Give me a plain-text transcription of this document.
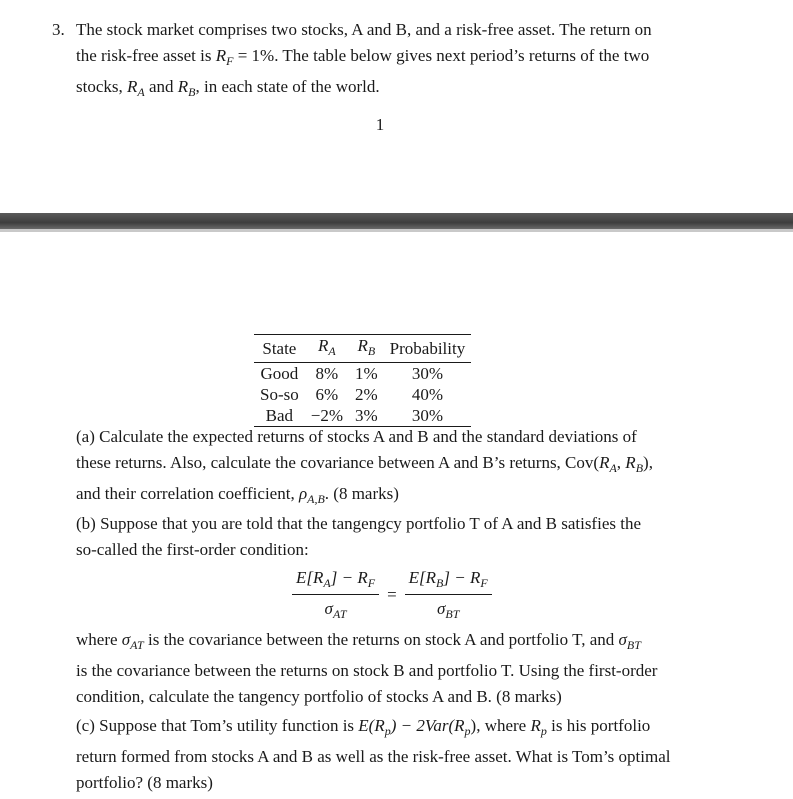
3. The stock market comprises two stocks, A and B, and a risk-free asset. The return on
the risk-free asset is $R_F = 1\%$. The table below gives next period’s returns of the two
stocks, $R_A$ and $R_B$, in each state of the world.

1
State	$R_A$	$R_B$	Probability
Good	8%	1%	30%
So-so	6%	2%	40%
Bad	−2%	3%	30%

(a) Calculate the expected returns of stocks A and B and the standard deviations of
these returns. Also, calculate the covariance between A and B’s returns, $Cov(R_A$, $R_B$),
and their correlation coefficient, $\rho_{A,B}$. (8 marks)

(b) Suppose that you are told that the tangengcy portfolio T of A and B satisfies the
so-called the first-order condition:

$\frac{E[R_A] - R_F}{\sigma_{AT}} = \frac{E[R_B] - R_F}{\sigma_{BT}}$

where $\sigma_{AT}$ is the covariance between the returns on stock A and portfolio T, and $\sigma_{BT}$
is the covariance between the returns on stock B and portfolio T. Using the first-order
condition, calculate the tangency portfolio of stocks A and B. (8 marks)

(c) Suppose that Tom’s utility function is $E(R_p) - 2Var(R_p)$, where $R_p$ is his portfolio
return formed from stocks A and B as well as the risk-free asset. What is Tom’s optimal
portfolio? (8 marks)
